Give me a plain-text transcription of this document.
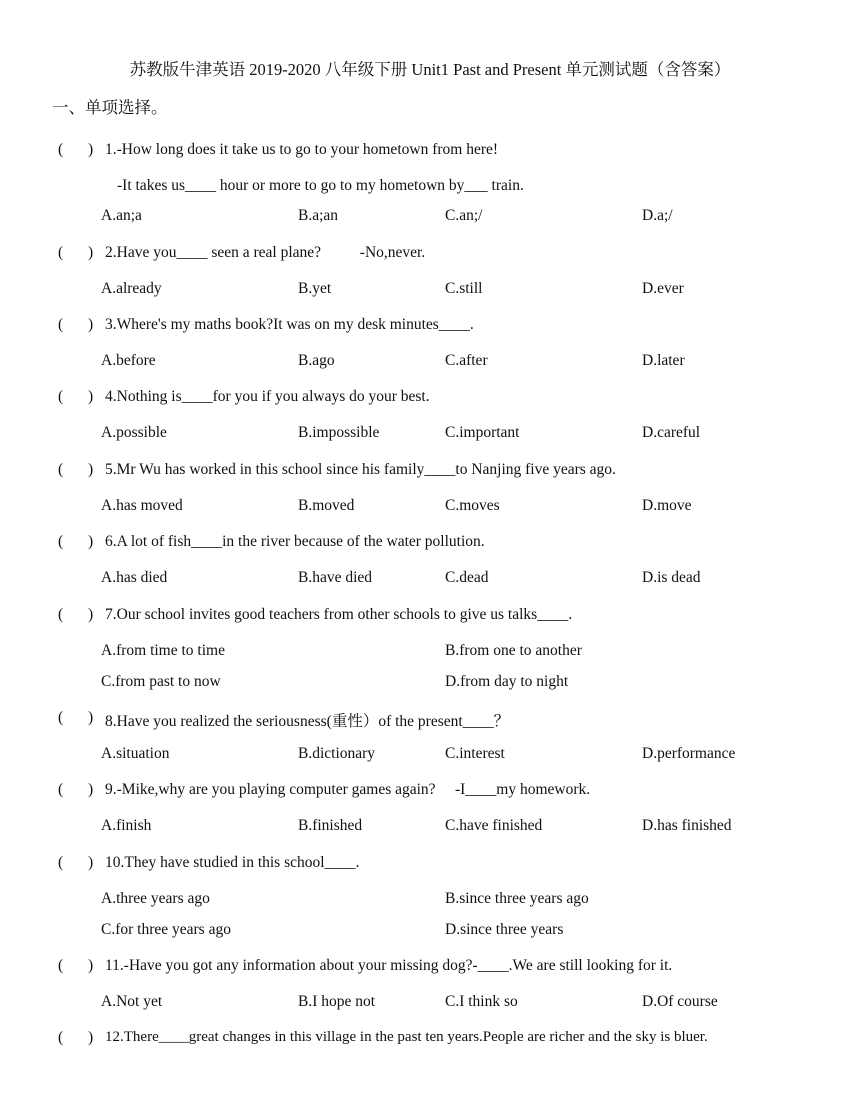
苏教版牛津英语 2019-2020 八年级下册 Unit1 Past and Present 单元测试题（含答案）
一、单项选择。
( ) 1.-How long does it take us to go to your hometown from here!
-It takes us____ hour or more to go to my hometown by___ train.
A.an;a	B.a;an	C.an;/	D.a;/
( ) 2.Have you____ seen a real plane?          -No,never.
A.already	B.yet	C.still	D.ever
( ) 3.Where's my maths book?It was on my desk minutes____.
A.before	B.ago	C.after	D.later
( ) 4.Nothing is____for you if you always do your best.
A.possible	B.impossible	C.important	D.careful
( ) 5.Mr Wu has worked in this school since his family____to Nanjing five years ago.
A.has moved	B.moved	C.moves	D.move
( ) 6.A lot of fish____in the river because of the water pollution.
A.has died	B.have died	C.dead	D.is dead
( ) 7.Our school invites good teachers from other schools to give us talks____.
A.from time to time	B.from one to another
C.from past to now	D.from day to night
( ) 8.Have you realized the seriousness(重性）of the present____？
A.situation	B.dictionary	C.interest	D.performance
( ) 9.-Mike,why are you playing computer games again?     -I____my homework.
A.finish	B.finished	C.have finished	D.has finished
( ) 10.They have studied in this school____.
A.three years ago	B.since three years ago
C.for three years ago	D.since three years
( ) 11.-Have you got any information about your missing dog?-____.We are still looking for it.
A.Not yet	B.I hope not	C.I think so	D.Of course
( ) 12.There____great changes in this village in the past ten years.People are richer and the sky is bluer.
